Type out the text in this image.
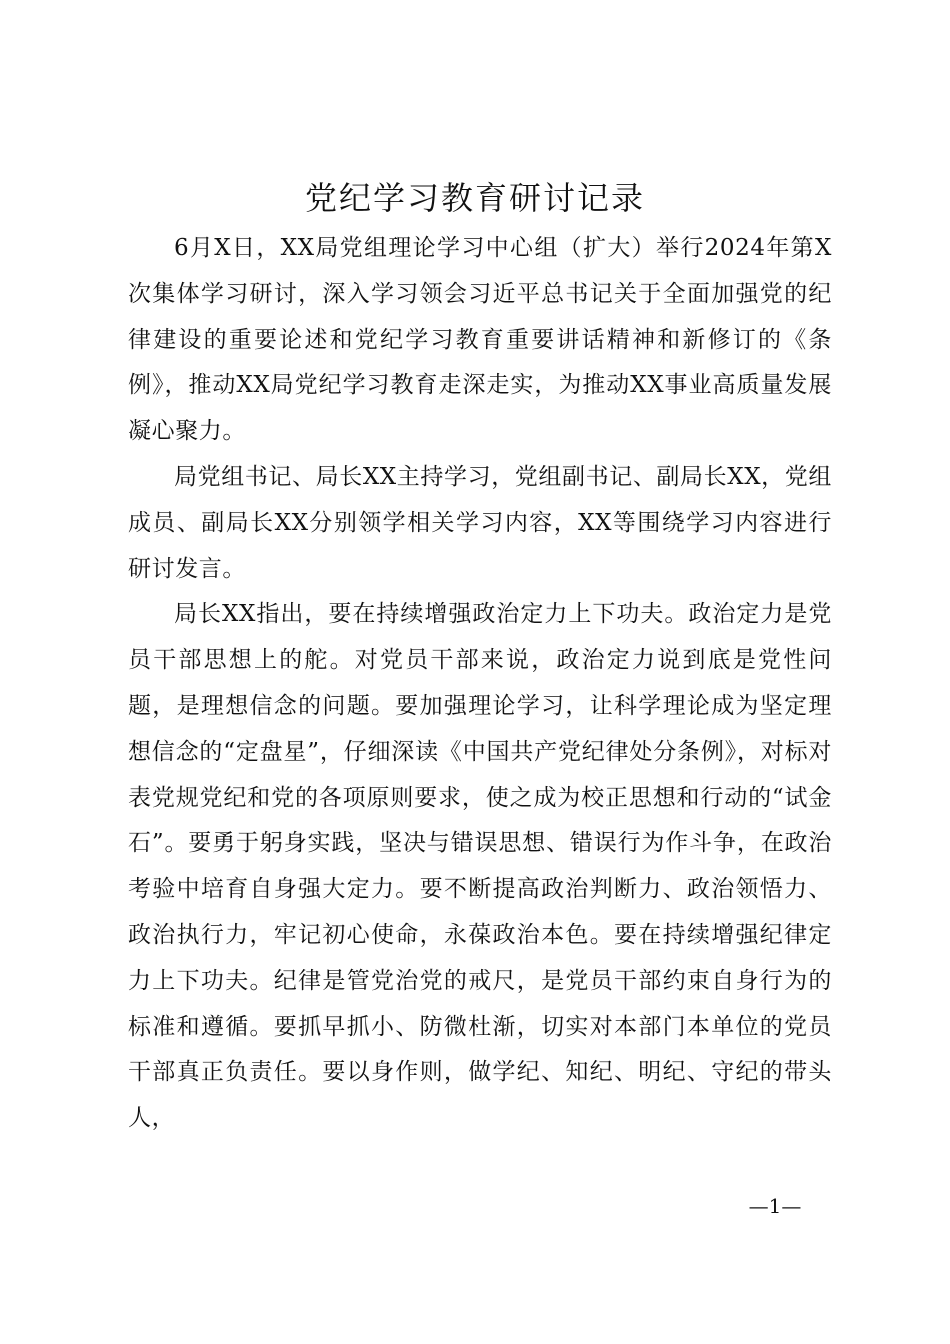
党纪学习教育研讨记录

6月X日，XX局党组理论学习中心组（扩大）举行2024年第X次集体学习研讨，深入学习领会习近平总书记关于全面加强党的纪律建设的重要论述和党纪学习教育重要讲话精神和新修订的《条例》，推动XX局党纪学习教育走深走实，为推动XX事业高质量发展凝心聚力。

局党组书记、局长XX主持学习，党组副书记、副局长XX，党组成员、副局长XX分别领学相关学习内容，XX等围绕学习内容进行研讨发言。

局长XX指出，要在持续增强政治定力上下功夫。政治定力是党员干部思想上的舵。对党员干部来说，政治定力说到底是党性问题，是理想信念的问题。要加强理论学习，让科学理论成为坚定理想信念的“定盘星”，仔细深读《中国共产党纪律处分条例》，对标对表党规党纪和党的各项原则要求，使之成为校正思想和行动的“试金石”。要勇于躬身实践，坚决与错误思想、错误行为作斗争，在政治考验中培育自身强大定力。要不断提高政治判断力、政治领悟力、政治执行力，牢记初心使命，永葆政治本色。要在持续增强纪律定力上下功夫。纪律是管党治党的戒尺，是党员干部约束自身行为的标准和遵循。要抓早抓小、防微杜渐，切实对本部门本单位的党员干部真正负责任。要以身作则，做学纪、知纪、明纪、守纪的带头人，

—1—
